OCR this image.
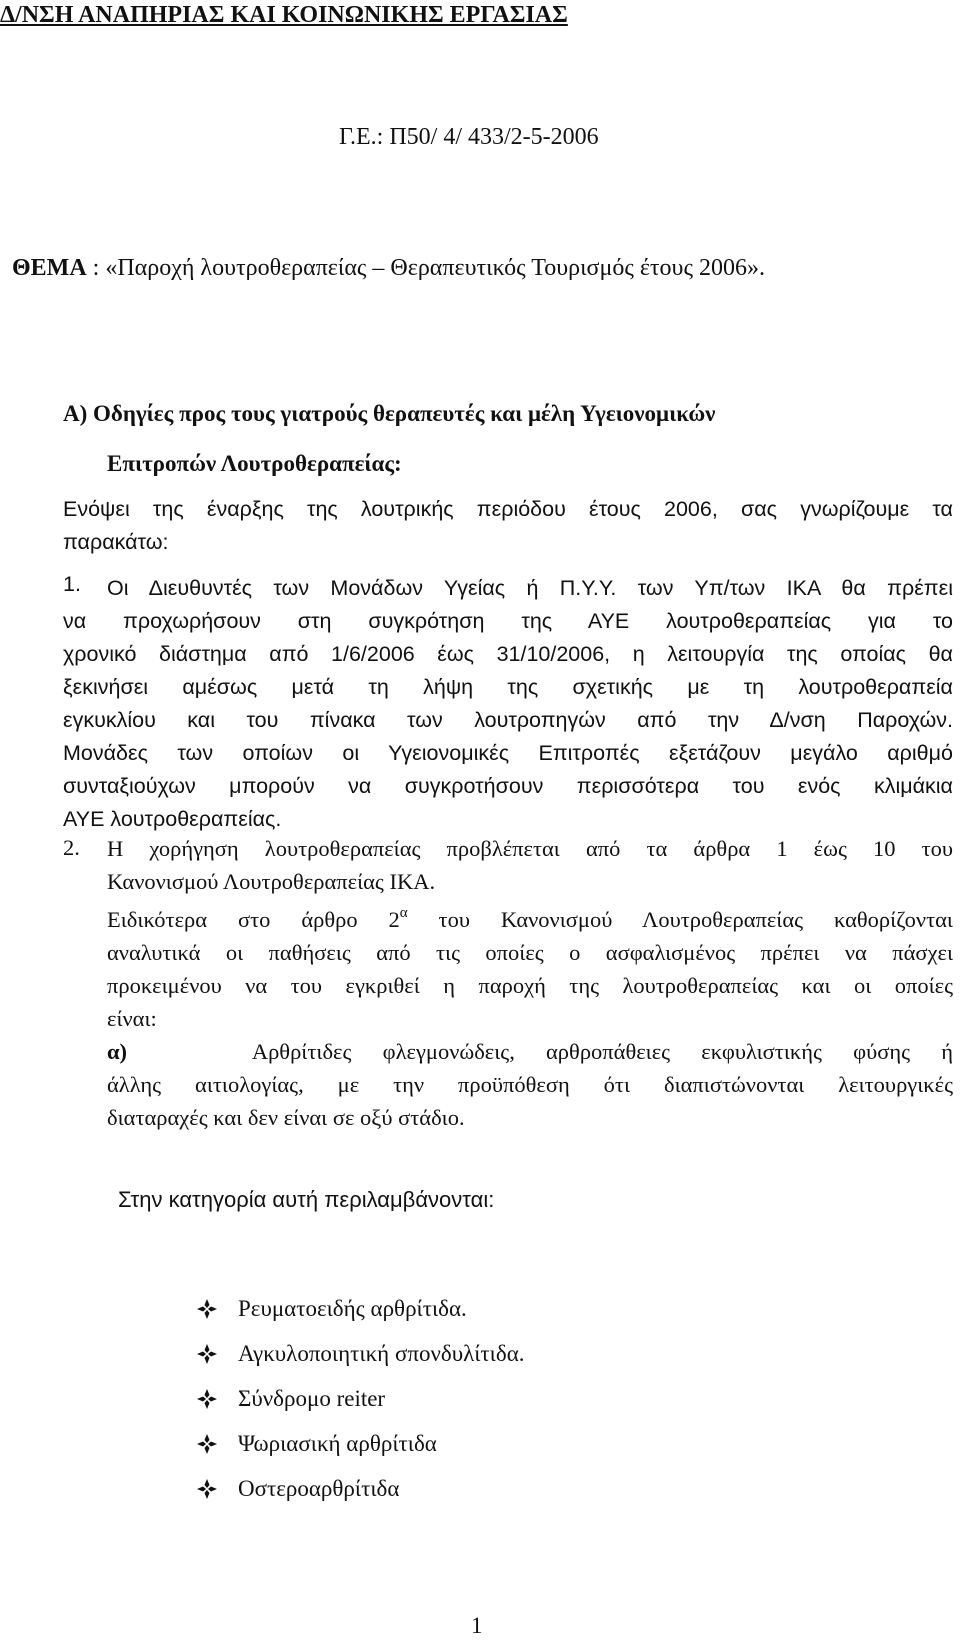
Δ/ΝΣΗ ΑΝΑΠΗΡΙΑΣ ΚΑΙ ΚΟΙΝΩΝΙΚΗΣ ΕΡΓΑΣΙΑΣ
Γ.Ε.: Π50/ 4/ 433/2-5-2006
ΘΕΜΑ : «Παροχή λουτροθεραπείας – Θεραπευτικός Τουρισμός έτους 2006».
Α) Οδηγίες προς τους γιατρούς θεραπευτές και μέλη Υγειονομικών
Επιτροπών Λουτροθεραπείας:
Ενόψει της έναρξης της λουτρικής περιόδου έτους 2006, σας γνωρίζουμε τα
παρακάτω:
1. Οι Διευθυντές των Μονάδων Υγείας ή Π.Υ.Υ. των Υπ/των ΙΚΑ θα πρέπει
να προχωρήσουν στη συγκρότηση της ΑΥΕ λουτροθεραπείας για το
χρονικό διάστημα από 1/6/2006 έως 31/10/2006, η λειτουργία της οποίας θα
ξεκινήσει αμέσως μετά τη λήψη της σχετικής με τη λουτροθεραπεία
εγκυκλίου και του πίνακα των λουτροπηγών από την Δ/νση Παροχών.
Μονάδες των οποίων οι Υγειονομικές Επιτροπές εξετάζουν μεγάλο αριθμό
συνταξιούχων μπορούν να συγκροτήσουν περισσότερα του ενός κλιμάκια
ΑΥΕ λουτροθεραπείας.
2. Η χορήγηση λουτροθεραπείας προβλέπεται από τα άρθρα 1 έως 10 του
Κανονισμού Λουτροθεραπείας ΙΚΑ.
Ειδικότερα στο άρθρο $2^\alpha$ του Κανονισμού Λουτροθεραπείας καθορίζονται
αναλυτικά οι παθήσεις από τις οποίες ο ασφαλισμένος πρέπει να πάσχει
προκειμένου να του εγκριθεί η παροχή της λουτροθεραπείας και οι οποίες
είναι:
α)	Αρθρίτιδες φλεγμονώδεις, αρθροπάθειες εκφυλιστικής φύσης ή
άλλης αιτιολογίας, με την προϋπόθεση ότι διαπιστώνονται λειτουργικές
διαταραχές και δεν είναι σε οξύ στάδιο.
Στην κατηγορία αυτή περιλαμβάνονται:
Ρευματοειδής αρθρίτιδα.
Αγκυλοποιητική σπονδυλίτιδα.
Σύνδρομο reiter
Ψωριασική αρθρίτιδα
Οστεροαρθρίτιδα
1
